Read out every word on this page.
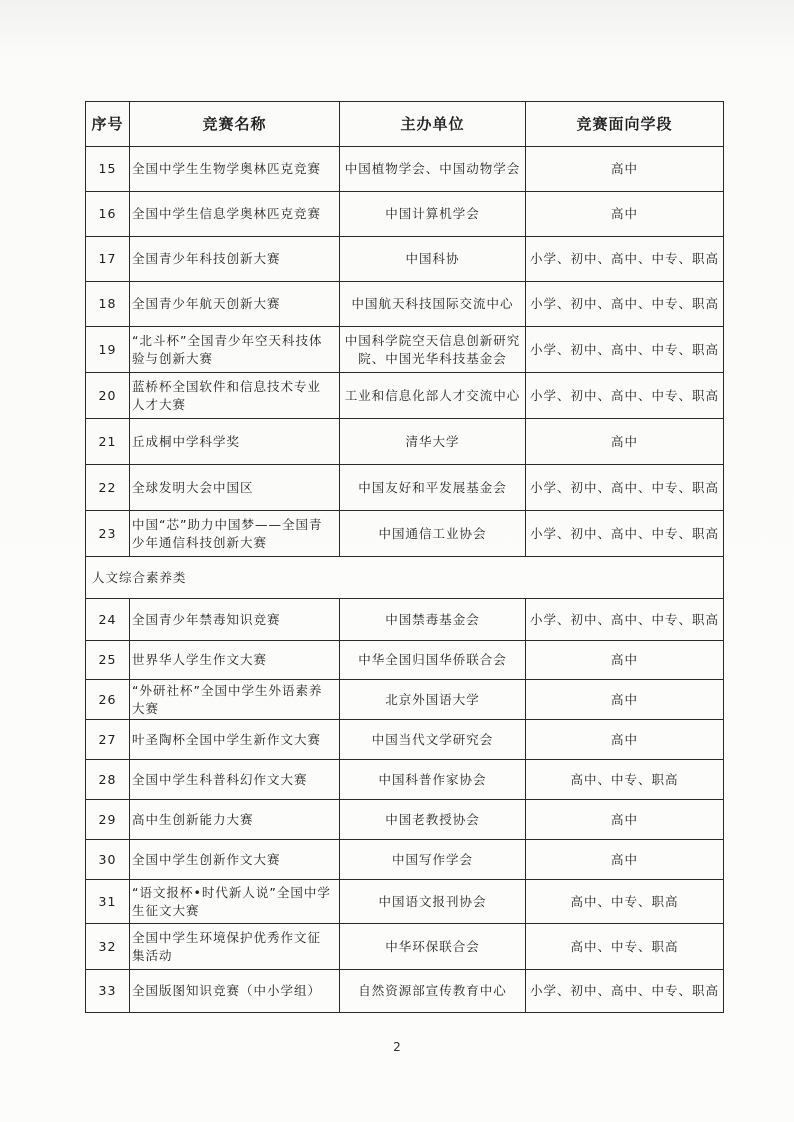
序号	竞赛名称	主办单位	竞赛面向学段
15	全国中学生生物学奥林匹克竞赛	中国植物学会、中国动物学会	高中
16	全国中学生信息学奥林匹克竞赛	中国计算机学会	高中
17	全国青少年科技创新大赛	中国科协	小学、初中、高中、中专、职高
18	全国青少年航天创新大赛	中国航天科技国际交流中心	小学、初中、高中、中专、职高
19	“北斗杯”全国青少年空天科技体验与创新大赛	中国科学院空天信息创新研究院、中国光华科技基金会	小学、初中、高中、中专、职高
20	蓝桥杯全国软件和信息技术专业人才大赛	工业和信息化部人才交流中心	小学、初中、高中、中专、职高
21	丘成桐中学科学奖	清华大学	高中
22	全球发明大会中国区	中国友好和平发展基金会	小学、初中、高中、中专、职高
23	中国“芯”助力中国梦——全国青少年通信科技创新大赛	中国通信工业协会	小学、初中、高中、中专、职高
人文综合素养类			
24	全国青少年禁毒知识竞赛	中国禁毒基金会	小学、初中、高中、中专、职高
25	世界华人学生作文大赛	中华全国归国华侨联合会	高中
26	“外研社杯”全国中学生外语素养大赛	北京外国语大学	高中
27	叶圣陶杯全国中学生新作文大赛	中国当代文学研究会	高中
28	全国中学生科普科幻作文大赛	中国科普作家协会	高中、中专、职高
29	高中生创新能力大赛	中国老教授协会	高中
30	全国中学生创新作文大赛	中国写作学会	高中
31	“语文报杯•时代新人说”全国中学生征文大赛	中国语文报刊协会	高中、中专、职高
32	全国中学生环境保护优秀作文征集活动	中华环保联合会	高中、中专、职高
33	全国版图知识竞赛（中小学组）	自然资源部宣传教育中心	小学、初中、高中、中专、职高
2
